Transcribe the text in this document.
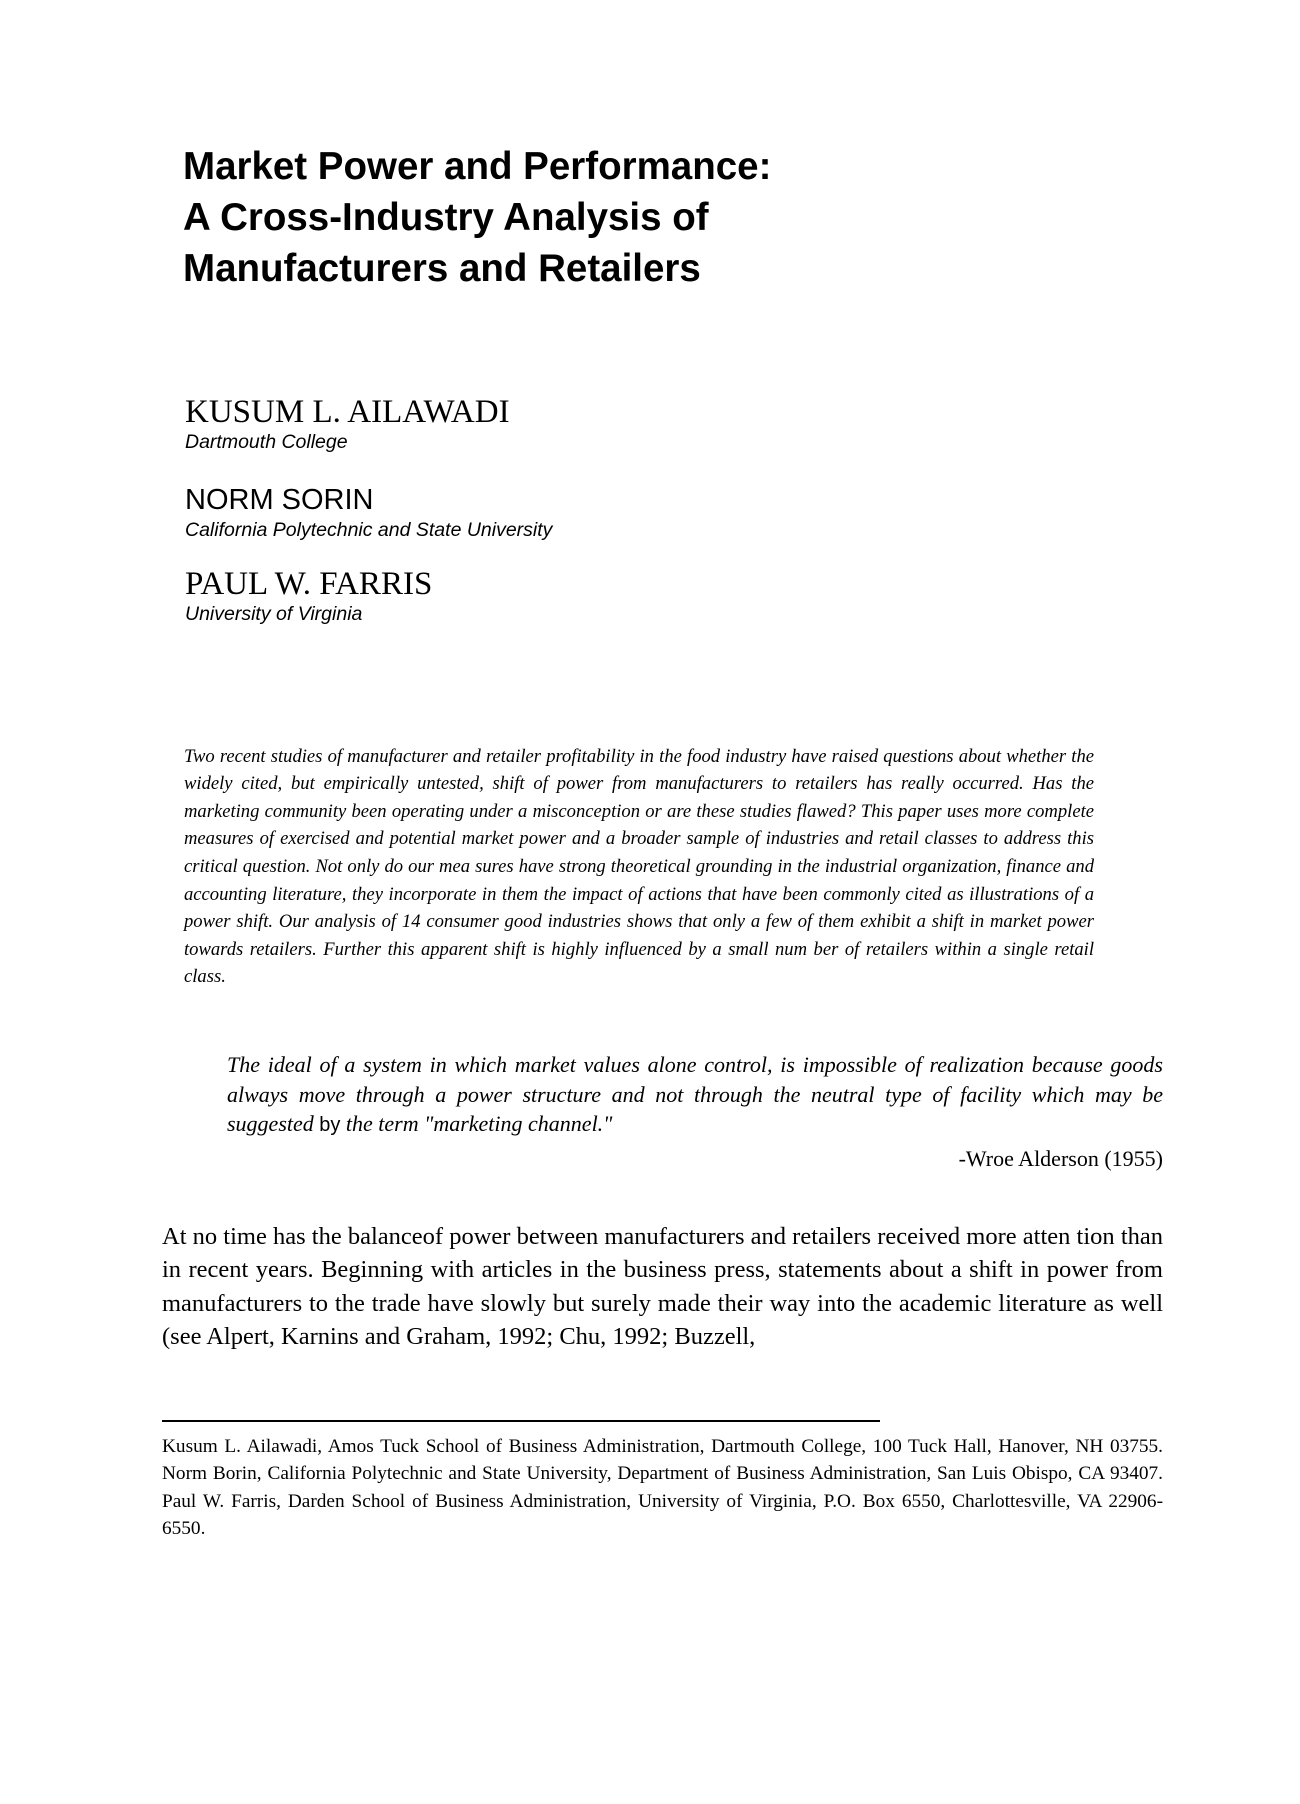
Market Power and Performance:
A Cross-Industry Analysis of
Manufacturers and Retailers
KUSUM L. AILAWADI
Dartmouth College
NORM SORIN
California Polytechnic and State University
PAUL W. FARRIS
University of Virginia

Two recent studies of manufacturer and retailer profitability in the food industry have raised questions about whether the widely cited, but empirically untested, shift of power from manufacturers to retailers has really occurred. Has the marketing community been operating under a misconception or are these studies flawed? This paper uses more complete measures of exercised and potential market power and a broader sample of industries and retail classes to address this critical question. Not only do our mea sures have strong theoretical grounding in the industrial organization, finance and accounting literature, they incorporate in them the impact of actions that have been commonly cited as illustrations of a power shift. Our analysis of 14 consumer good industries shows that only a few of them exhibit a shift in market power towards retailers. Further this apparent shift is highly influenced by a small num ber of retailers within a single retail class.

The ideal of a system in which market values alone control, is impossible of realization because goods always move through a power structure and not through the neutral type of facility which may be suggested by the term "marketing channel."

-Wroe Alderson (1955)

At no time has the balanceof power between manufacturers and retailers received more atten tion than in recent years. Beginning with articles in the business press, statements about a shift in power from manufacturers to the trade have slowly but surely made their way into the academic literature as well (see Alpert, Karnins and Graham, 1992; Chu, 1992; Buzzell,

Kusum L. Ailawadi, Amos Tuck School of Business Administration, Dartmouth College, 100 Tuck Hall, Hanover, NH 03755. Norm Borin, California Polytechnic and State University, Department of Business Administration, San Luis Obispo, CA 93407. Paul W. Farris, Darden School of Business Administration, University of Virginia, P.O. Box 6550, Charlottesville, VA 22906-6550.
